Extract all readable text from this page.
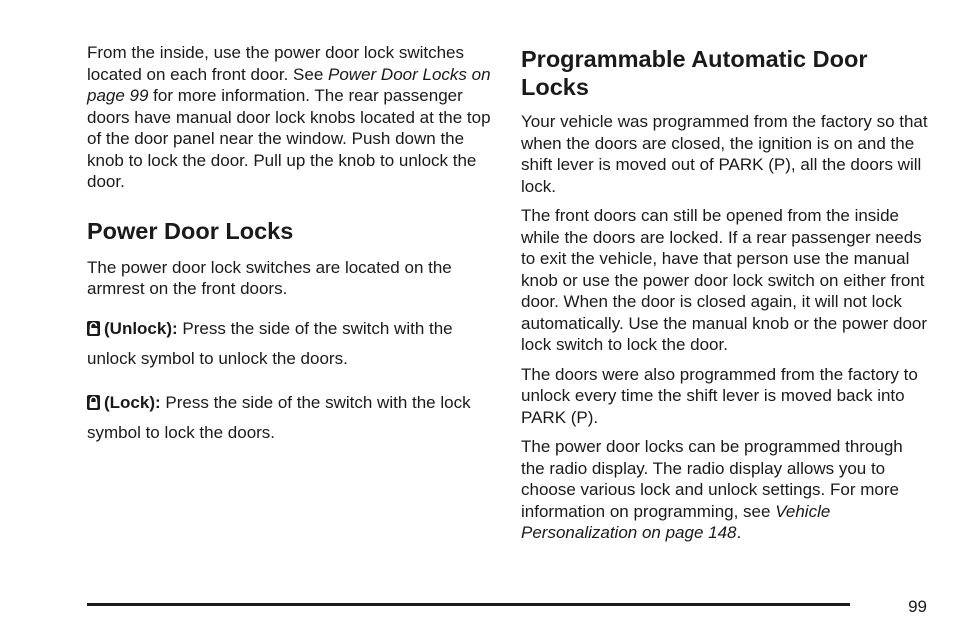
From the inside, use the power door lock switches located on each front door. See Power Door Locks on page 99 for more information. The rear passenger doors have manual door lock knobs located at the top of the door panel near the window. Push down the knob to lock the door. Pull up the knob to unlock the door.

Power Door Locks

The power door lock switches are located on the armrest on the front doors.

(Unlock): Press the side of the switch with the unlock symbol to unlock the doors.

(Lock): Press the side of the switch with the lock symbol to lock the doors.

Programmable Automatic Door Locks

Your vehicle was programmed from the factory so that when the doors are closed, the ignition is on and the shift lever is moved out of PARK (P), all the doors will lock.

The front doors can still be opened from the inside while the doors are locked. If a rear passenger needs to exit the vehicle, have that person use the manual knob or use the power door lock switch on either front door. When the door is closed again, it will not lock automatically. Use the manual knob or the power door lock switch to lock the door.

The doors were also programmed from the factory to unlock every time the shift lever is moved back into PARK (P).

The power door locks can be programmed through the radio display. The radio display allows you to choose various lock and unlock settings. For more information on programming, see Vehicle Personalization on page 148.

99
